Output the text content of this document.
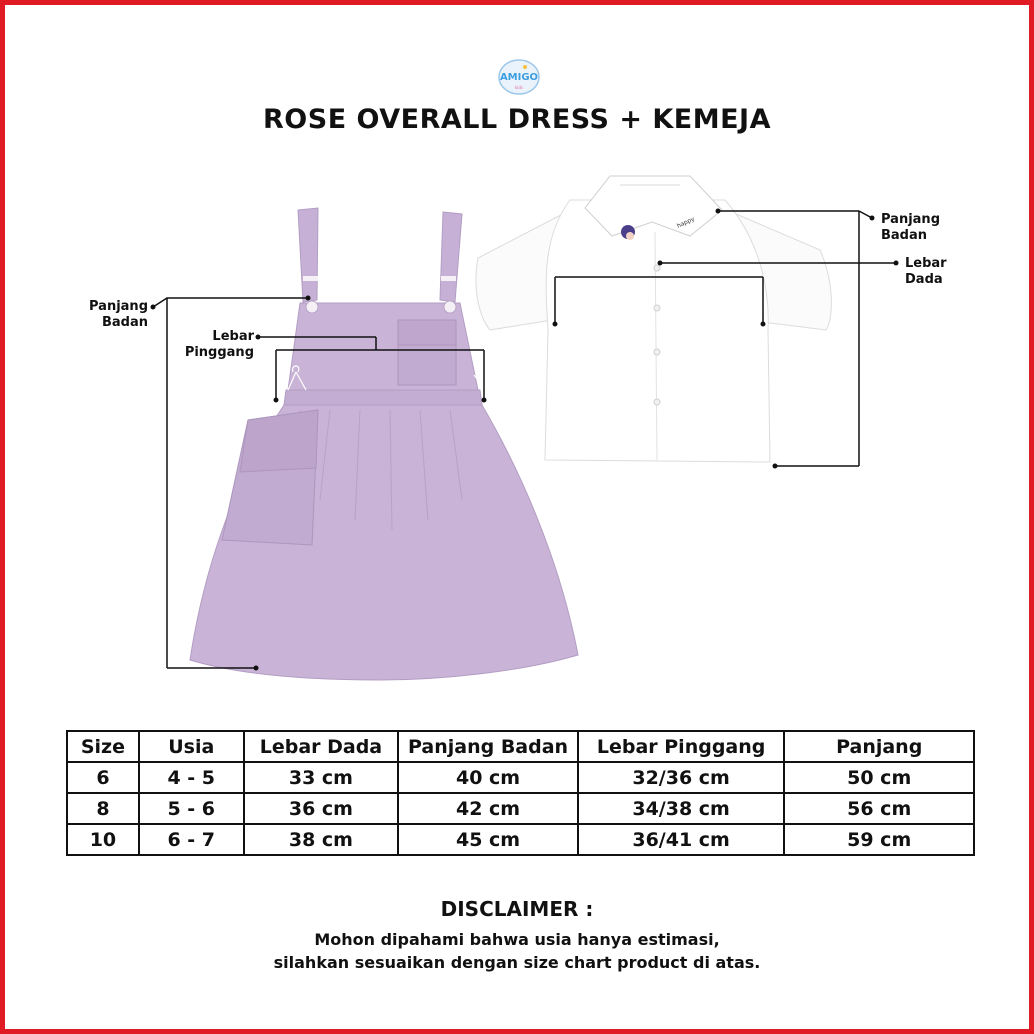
AMIGO
kids
ROSE OVERALL DRESS + KEMEJA
happy
Panjang
Badan
Lebar
Pinggang
Panjang
Badan
Lebar
Dada
Size	Usia	Lebar Dada	Panjang Badan	Lebar Pinggang	Panjang
6	4 - 5	33 cm	40 cm	32/36 cm	50 cm
8	5 - 6	36 cm	42 cm	34/38 cm	56 cm
10	6 - 7	38 cm	45 cm	36/41 cm	59 cm
DISCLAIMER :
Mohon dipahami bahwa usia hanya estimasi,
silahkan sesuaikan dengan size chart product di atas.
